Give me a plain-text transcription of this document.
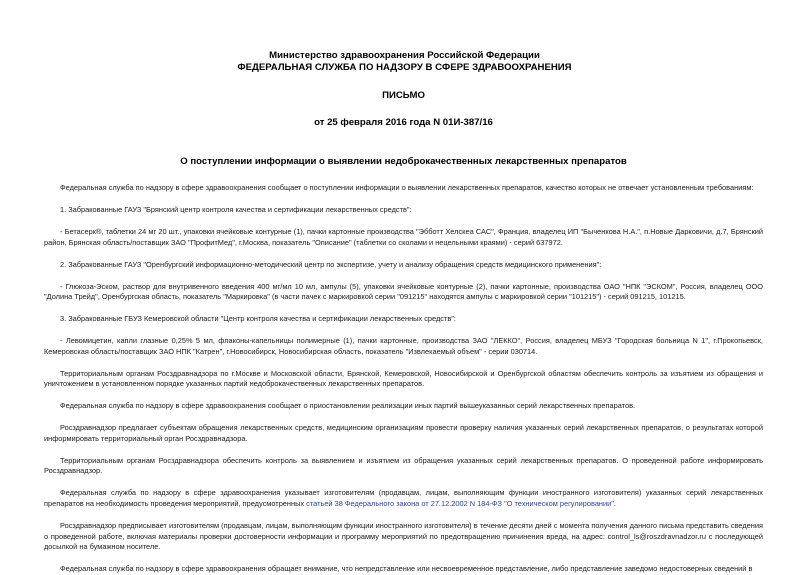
Министерство здравоохранения Российской Федерации
ФЕДЕРАЛЬНАЯ СЛУЖБА ПО НАДЗОРУ В СФЕРЕ ЗДРАВООХРАНЕНИЯ
ПИСЬМО
от 25 февраля 2016 года N 01И-387/16
О поступлении информации о выявлении недоброкачественных лекарственных препаратов

Федеральная служба по надзору в сфере здравоохранения сообщает о поступлении информации о выявлении лекарственных препаратов, качество которых не отвечает установленным требованиям:

1. Забракованные ГАУЗ "Брянский центр контроля качества и сертификации лекарственных средств":

- Бетасерк®, таблетки 24 мг 20 шт., упаковки ячейковые контурные (1), пачки картонные производства "Эбботт Хелскеа САС", Франция, владелец ИП "Быченкова Н.А.", п.Новые Дарковичи, д.7, Брянский район, Брянская область/поставщик ЗАО "ПрофитМед", г.Москва, показатель "Описание" (таблетки со сколами и нецельными краями) - серий 637972.

2. Забракованные ГАУЗ "Оренбургский информационно-методический центр по экспертизе, учету и анализу обращения средств медицинского применения":

- Глюкоза-Эском, раствор для внутривенного введения 400 мг/мл 10 мл, ампулы (5), упаковки ячейковые контурные (2), пачки картонные, производства ОАО "НПК "ЭСКОМ", Россия, владелец ООО "Долина Трейд", Оренбургская область, показатель "Маркировка" (в части пачек с маркировкой серии "091215" находятся ампулы с маркировкой серии "101215") - серий 091215, 101215.

3. Забракованные ГБУЗ Кемеровской области "Центр контроля качества и сертификации лекарственных средств":

- Левомицетин, капли глазные 0,25% 5 мл, флаконы-капельницы полимерные (1), пачки картонные, производства ЗАО "ЛЕККО", Россия, владелец МБУЗ "Городская больница N 1", г.Прокопьевск, Кемеровская область/поставщик ЗАО НПК "Катрен", г.Новосибирск, Новосибирская область, показатель "Извлекаемый объем" - серии 030714.

Территориальным органам Росздравнадзора по г.Москве и Московской области, Брянской, Кемеровской, Новосибирской и Оренбургской областям обеспечить контроль за изъятием из обращения и уничтожением в установленном порядке указанных партий недоброкачественных лекарственных препаратов.

Федеральная служба по надзору в сфере здравоохранения сообщает о приостановлении реализации иных партий вышеуказанных серий лекарственных препаратов.

Росздравнадзор предлагает субъектам обращения лекарственных средств, медицинским организациям провести проверку наличия указанных серий лекарственных препаратов, о результатах которой информировать территориальный орган Росздравнадзора.

Территориальным органам Росздравнадзора обеспечить контроль за выявлением и изъятием из обращения указанных серий лекарственных препаратов. О проведенной работе информировать Росздравнадзор.

Федеральная служба по надзору в сфере здравоохранения указывает изготовителям (продавцам, лицам, выполняющим функции иностранного изготовителя) указанных серий лекарственных препаратов на необходимость проведения мероприятий, предусмотренных статьей 38 Федерального закона от 27.12.2002 N 184-ФЗ "О техническом регулировании".

Росздравнадзор предписывает изготовителям (продавцам, лицам, выполняющим функции иностранного изготовителя) в течение десяти дней с момента получения данного письма представить сведения о проведенной работе, включая материалы проверки достоверности информации и программу мероприятий по предотвращению причинения вреда, на адрес: control_ls@roszdravnadzor.ru с последующей досылкой на бумажном носителе.

Федеральная служба по надзору в сфере здравоохранения обращает внимание, что непредставление или несвоевременное представление, либо представление заведомо недостоверных сведений в
